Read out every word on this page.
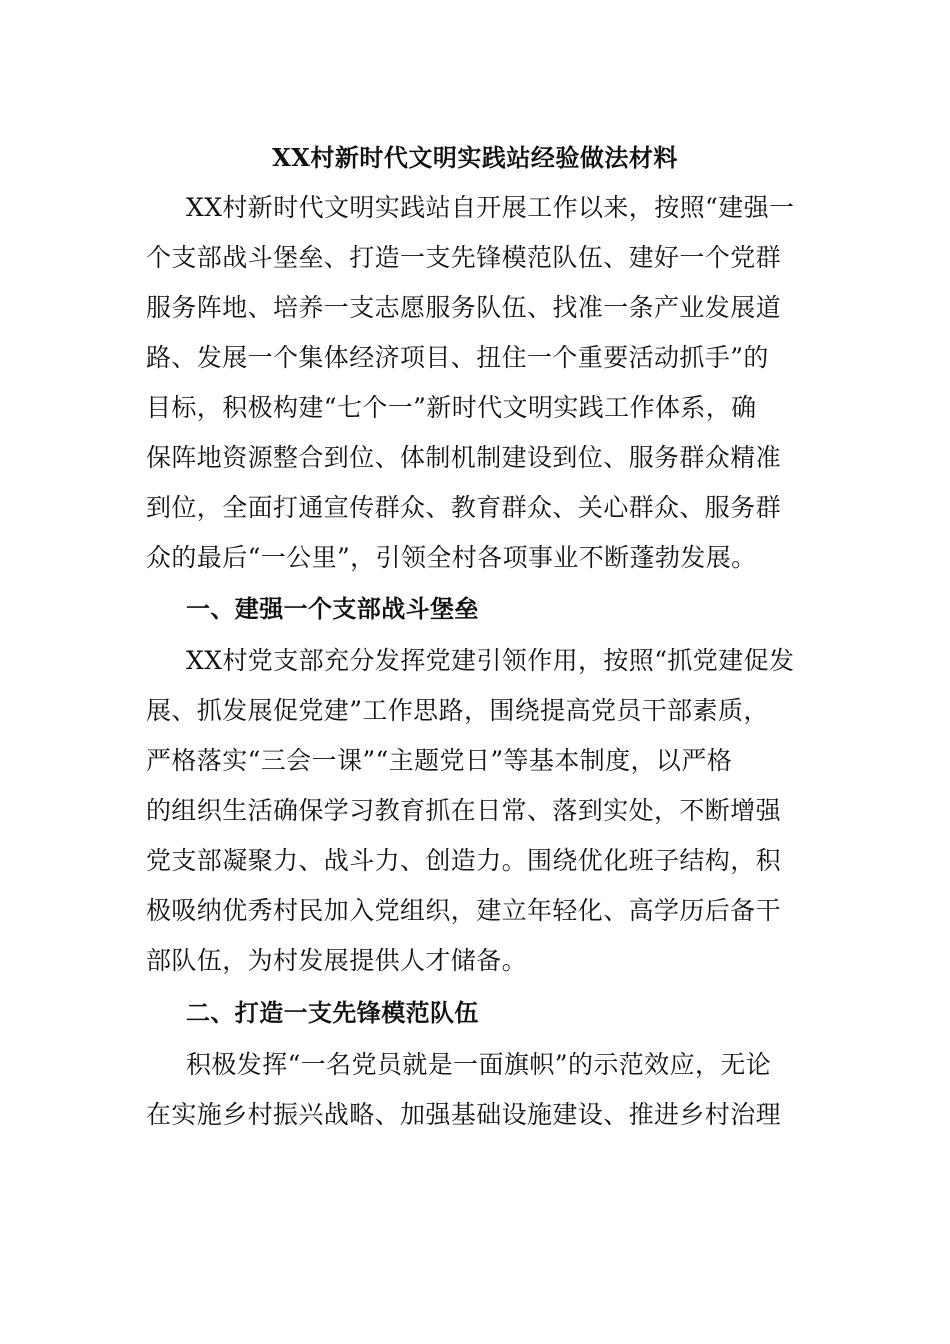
XX村新时代文明实践站经验做法材料
XX村新时代文明实践站自开展工作以来，按照“建强一
个支部战斗堡垒、打造一支先锋模范队伍、建好一个党群
服务阵地、培养一支志愿服务队伍、找准一条产业发展道
路、发展一个集体经济项目、扭住一个重要活动抓手”的
目标，积极构建“七个一”新时代文明实践工作体系，确
保阵地资源整合到位、体制机制建设到位、服务群众精准
到位，全面打通宣传群众、教育群众、关心群众、服务群
众的最后“一公里”，引领全村各项事业不断蓬勃发展。
一、建强一个支部战斗堡垒
XX村党支部充分发挥党建引领作用，按照“抓党建促发
展、抓发展促党建”工作思路，围绕提高党员干部素质，
严格落实“三会一课”“主题党日”等基本制度，以严格
的组织生活确保学习教育抓在日常、落到实处，不断增强
党支部凝聚力、战斗力、创造力。围绕优化班子结构，积
极吸纳优秀村民加入党组织，建立年轻化、高学历后备干
部队伍，为村发展提供人才储备。
二、打造一支先锋模范队伍
积极发挥“一名党员就是一面旗帜”的示范效应，无论
在实施乡村振兴战略、加强基础设施建设、推进乡村治理
